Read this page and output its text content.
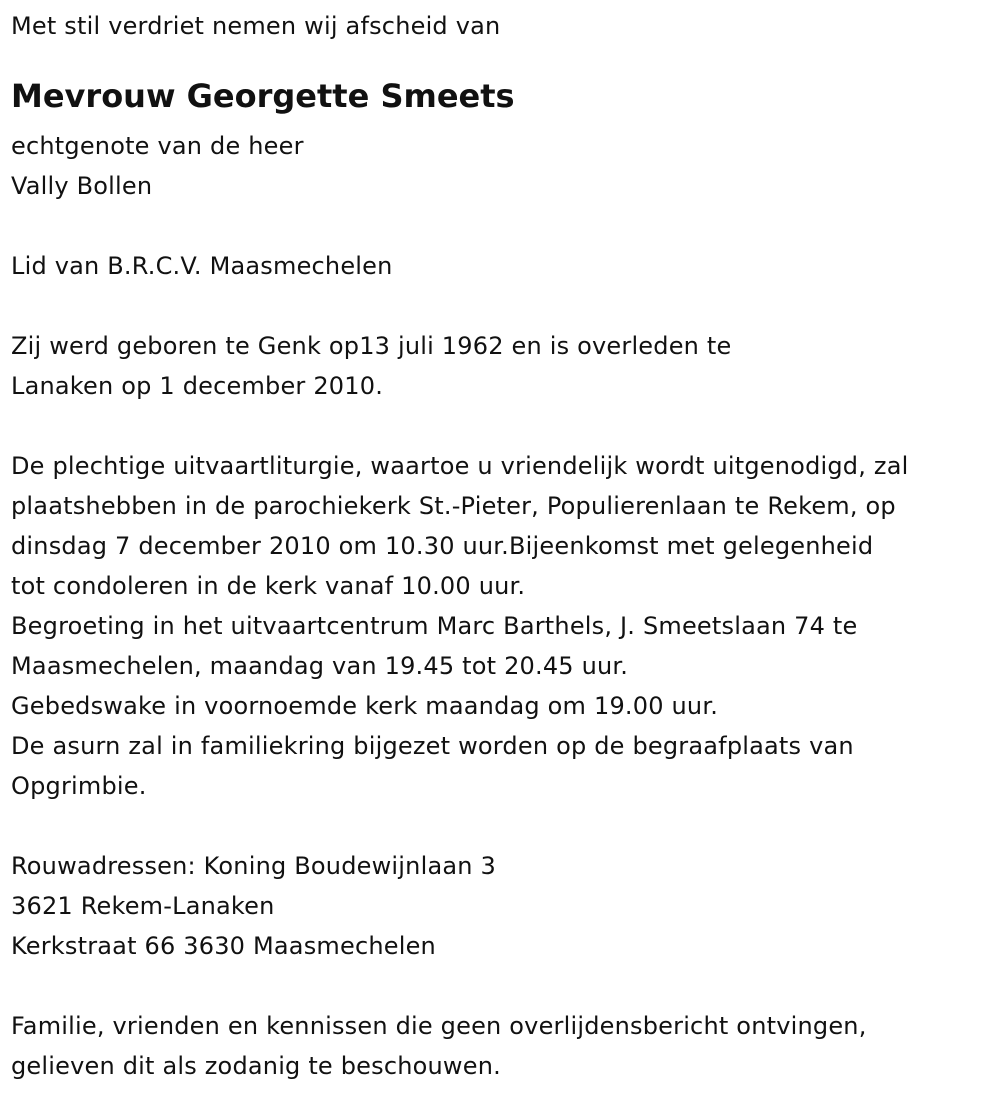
Met stil verdriet nemen wij afscheid van
Mevrouw Georgette Smeets
echtgenote van de heer
Vally Bollen
Lid van B.R.C.V. Maasmechelen
Zij werd geboren te Genk op13 juli 1962 en is overleden te
Lanaken op 1 december 2010.
De plechtige uitvaartliturgie, waartoe u vriendelijk wordt uitgenodigd, zal
plaatshebben in de parochiekerk St.-Pieter, Populierenlaan te Rekem, op
dinsdag 7 december 2010 om 10.30 uur.Bijeenkomst met gelegenheid
tot condoleren in de kerk vanaf 10.00 uur.
Begroeting in het uitvaartcentrum Marc Barthels, J. Smeetslaan 74 te
Maasmechelen, maandag van 19.45 tot 20.45 uur.
Gebedswake in voornoemde kerk maandag om 19.00 uur.
De asurn zal in familiekring bijgezet worden op de begraafplaats van
Opgrimbie.
Rouwadressen: Koning Boudewijnlaan 3
3621 Rekem-Lanaken
Kerkstraat 66 3630 Maasmechelen
Familie, vrienden en kennissen die geen overlijdensbericht ontvingen,
gelieven dit als zodanig te beschouwen.
